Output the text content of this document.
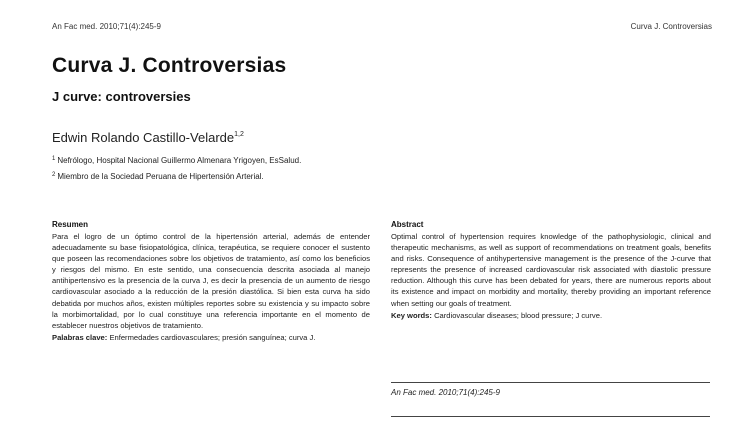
An Fac med. 2010;71(4):245-9	Curva J. Controversias
Curva J. Controversias
J curve: controversies
Edwin Rolando Castillo-Velarde$^{1,2}$
$^1$ Nefrólogo, Hospital Nacional Guillermo Almenara Yrigoyen, EsSalud.
$^2$ Miembro de la Sociedad Peruana de Hipertensión Arterial.
Resumen

Para el logro de un óptimo control de la hipertensión arterial, además de entender adecuadamente su base fisiopatológica, clínica, terapéutica, se requiere conocer el sustento que poseen las recomendaciones sobre los objetivos de tratamiento, así como los beneficios y riesgos del mismo. En este sentido, una consecuencia descrita asociada al manejo antihipertensivo es la presencia de la curva J, es decir la presencia de un aumento de riesgo cardiovascular asociado a la reducción de la presión diastólica. Si bien esta curva ha sido debatida por muchos años, existen múltiples reportes sobre su existencia y su impacto sobre la morbimortalidad, por lo cual constituye una referencia importante en el momento de establecer nuestros objetivos de tratamiento.

Palabras clave: Enfermedades cardiovasculares; presión sanguínea; curva J.
Abstract

Optimal control of hypertension requires knowledge of the pathophysiologic, clinical and therapeutic mechanisms, as well as support of recommendations on treatment goals, benefits and risks. Consequence of antihypertensive management is the presence of the J-curve that represents the presence of increased cardiovascular risk associated with diastolic pressure reduction. Although this curve has been debated for years, there are numerous reports about its existence and impact on morbidity and mortality, thereby providing an important reference when setting our goals of treatment.

Key words: Cardiovascular diseases; blood pressure; J curve.
An Fac med. 2010;71(4):245-9
